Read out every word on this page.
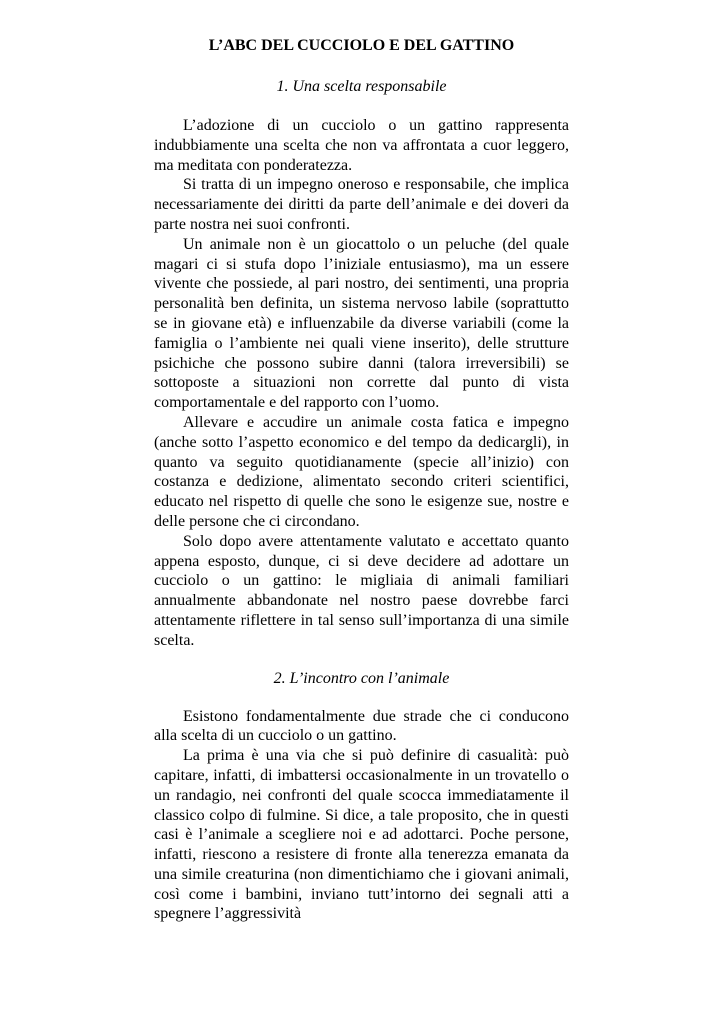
L’ABC DEL CUCCIOLO E DEL GATTINO
1. Una scelta responsabile

L’adozione di un cucciolo o un gattino rappresenta indubbiamente una scelta che non va affrontata a cuor leggero, ma meditata con ponderatezza.

Si tratta di un impegno oneroso e responsabile, che implica necessariamente dei diritti da parte dell’animale e dei doveri da parte nostra nei suoi confronti.

Un animale non è un giocattolo o un peluche (del quale magari ci si stufa dopo l’iniziale entusiasmo), ma un essere vivente che possiede, al pari nostro, dei sentimenti, una propria personalità ben definita, un sistema nervoso labile (soprattutto se in giovane età) e influenzabile da diverse variabili (come la famiglia o l’ambiente nei quali viene inserito), delle strutture psichiche che possono subire danni (talora irreversibili) se sottoposte a situazioni non corrette dal punto di vista comportamentale e del rapporto con l’uomo.

Allevare e accudire un animale costa fatica e impegno (anche sotto l’aspetto economico e del tempo da dedicargli), in quanto va seguito quotidianamente (specie all’inizio) con costanza e dedizione, alimentato secondo criteri scientifici, educato nel rispetto di quelle che sono le esigenze sue, nostre e delle persone che ci circondano.

Solo dopo avere attentamente valutato e accettato quanto appena esposto, dunque, ci si deve decidere ad adottare un cucciolo o un gattino: le migliaia di animali familiari annualmente abbandonate nel nostro paese dovrebbe farci attentamente riflettere in tal senso sull’importanza di una simile scelta.

2. L’incontro con l’animale

Esistono fondamentalmente due strade che ci conducono alla scelta di un cucciolo o un gattino.

La prima è una via che si può definire di casualità: può capitare, infatti, di imbattersi occasionalmente in un trovatello o un randagio, nei confronti del quale scocca immediatamente il classico colpo di fulmine. Si dice, a tale proposito, che in questi casi è l’animale a scegliere noi e ad adottarci. Poche persone, infatti, riescono a resistere di fronte alla tenerezza emanata da una simile creaturina (non dimentichiamo che i giovani animali, così come i bambini, inviano tutt’intorno dei segnali atti a spegnere l’aggressività
